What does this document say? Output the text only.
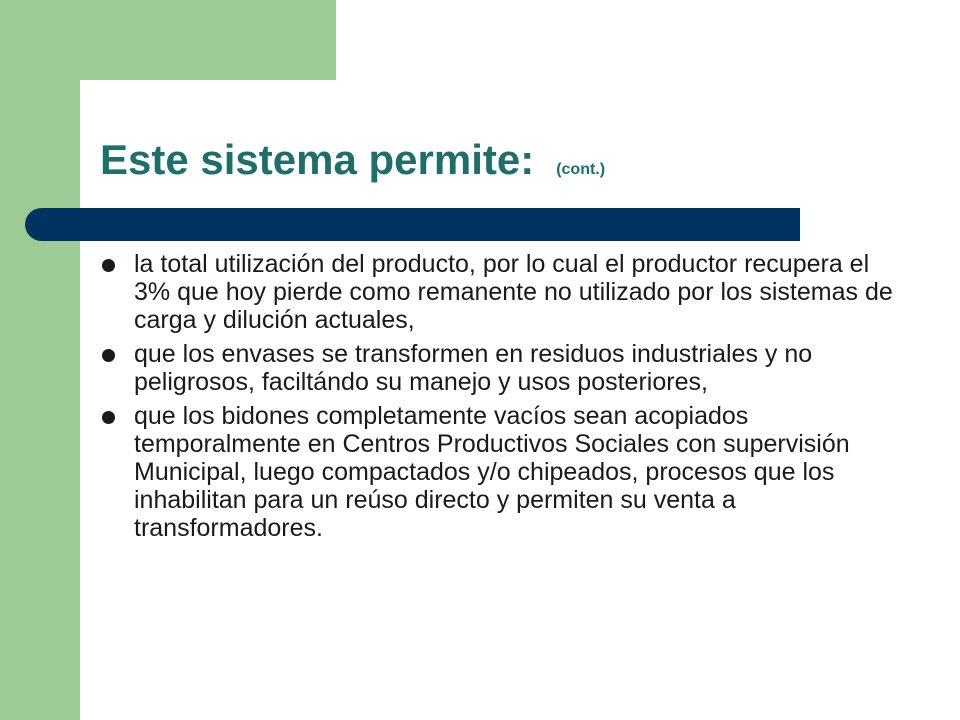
Este sistema permite: (cont.)
la total utilización del producto, por lo cual el productor recupera el 3% que hoy pierde como remanente no utilizado por los sistemas de carga y dilución actuales,
que los envases se transformen en residuos industriales y no peligrosos, faciltándo su manejo y usos posteriores,
que los bidones completamente vacíos sean acopiados temporalmente en Centros Productivos Sociales con supervisión Municipal, luego compactados y/o chipeados, procesos que los inhabilitan para un reúso directo y permiten su venta a transformadores.
